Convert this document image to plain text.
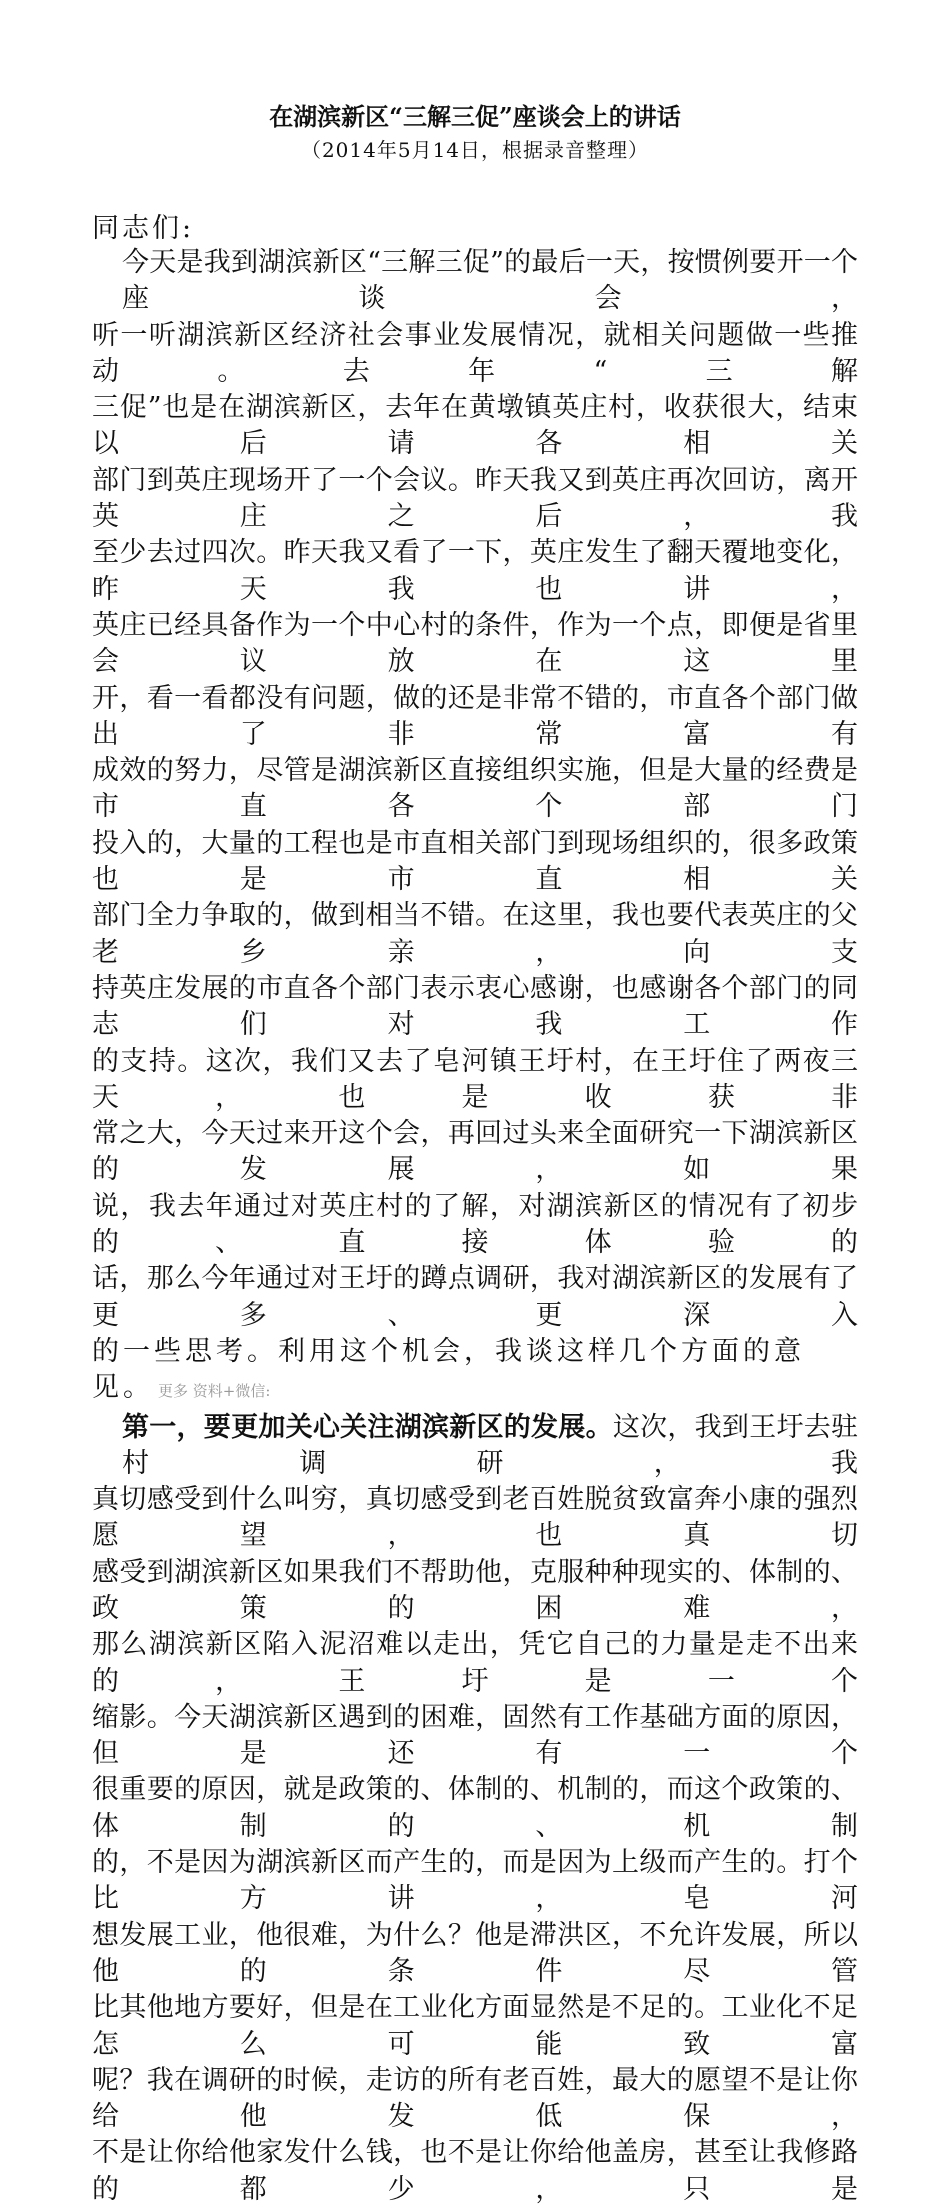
在湖滨新区“三解三促”座谈会上的讲话
（2014年5月14日，根据录音整理）
同志们:
今天是我到湖滨新区“三解三促”的最后一天，按惯例要开一个座谈会，
听一听湖滨新区经济社会事业发展情况，就相关问题做一些推动。去年“三解
三促”也是在湖滨新区，去年在黄墩镇英庄村，收获很大，结束以后请各相关
部门到英庄现场开了一个会议。昨天我又到英庄再次回访，离开英庄之后，我
至少去过四次。昨天我又看了一下，英庄发生了翻天覆地变化，昨天我也讲，
英庄已经具备作为一个中心村的条件，作为一个点，即便是省里会议放在这里
开，看一看都没有问题，做的还是非常不错的，市直各个部门做出了非常富有
成效的努力，尽管是湖滨新区直接组织实施，但是大量的经费是市直各个部门
投入的，大量的工程也是市直相关部门到现场组织的，很多政策也是市直相关
部门全力争取的，做到相当不错。在这里，我也要代表英庄的父老乡亲，向支
持英庄发展的市直各个部门表示衷心感谢，也感谢各个部门的同志们对我工作
的支持。这次，我们又去了皂河镇王圩村，在王圩住了两夜三天，也是收获非
常之大，今天过来开这个会，再回过头来全面研究一下湖滨新区的发展，如果
说，我去年通过对英庄村的了解，对湖滨新区的情况有了初步的、直接体验的
话，那么今年通过对王圩的蹲点调研，我对湖滨新区的发展有了更多、更深入
的一些思考。利用这个机会，我谈这样几个方面的意见。 更多 资料+微信:
第一，要更加关心关注湖滨新区的发展。这次，我到王圩去驻村调研，我
真切感受到什么叫穷，真切感受到老百姓脱贫致富奔小康的强烈愿望，也真切
感受到湖滨新区如果我们不帮助他，克服种种现实的、体制的、政策的困难，
那么湖滨新区陷入泥沼难以走出，凭它自己的力量是走不出来的，王圩是一个
缩影。今天湖滨新区遇到的困难，固然有工作基础方面的原因，但是还有一个
很重要的原因，就是政策的、体制的、机制的，而这个政策的、体制的、机制
的，不是因为湖滨新区而产生的，而是因为上级而产生的。打个比方讲，皂河
想发展工业，他很难，为什么？他是滞洪区，不允许发展，所以他的条件尽管
比其他地方要好，但是在工业化方面显然是不足的。工业化不足怎么可能致富
呢？我在调研的时候，走访的所有老百姓，最大的愿望不是让你给他发低保，
不是让你给他家发什么钱，也不是让你给他盖房，甚至让我修路的都少，只是
